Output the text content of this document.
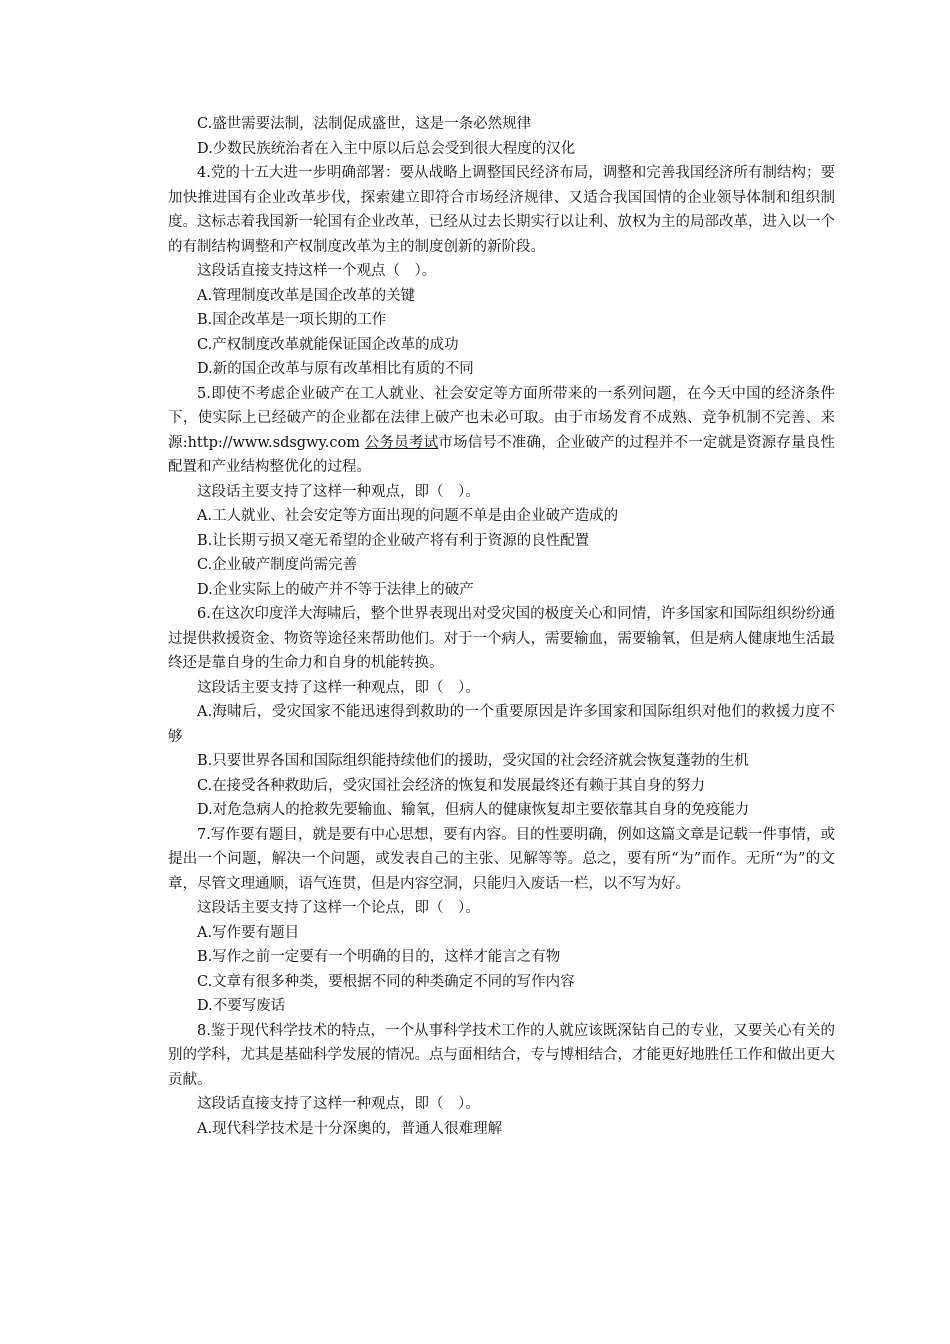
C.盛世需要法制，法制促成盛世，这是一条必然规律

D.少数民族统治者在入主中原以后总会受到很大程度的汉化

4.党的十五大进一步明确部署：要从战略上调整国民经济布局，调整和完善我国经济所有制结构；要加快推进国有企业改革步伐，探索建立即符合市场经济规律、又适合我国国情的企业领导体制和组织制度。这标志着我国新一轮国有企业改革，已经从过去长期实行以让利、放权为主的局部改革，进入以一个的有制结构调整和产权制度改革为主的制度创新的新阶段。

这段话直接支持这样一个观点（　）。

A.管理制度改革是国企改革的关键

B.国企改革是一项长期的工作

C.产权制度改革就能保证国企改革的成功

D.新的国企改革与原有改革相比有质的不同

5.即使不考虑企业破产在工人就业、社会安定等方面所带来的一系列问题，在今天中国的经济条件下，使实际上已经破产的企业都在法律上破产也未必可取。由于市场发育不成熟、竞争机制不完善、来源:http://www.sdsgwy.com 公务员考试市场信号不准确，企业破产的过程并不一定就是资源存量良性配置和产业结构整优化的过程。

这段话主要支持了这样一种观点，即（　）。

A.工人就业、社会安定等方面出现的问题不单是由企业破产造成的

B.让长期亏损又毫无希望的企业破产将有利于资源的良性配置

C.企业破产制度尚需完善

D.企业实际上的破产并不等于法律上的破产

6.在这次印度洋大海啸后，整个世界表现出对受灾国的极度关心和同情，许多国家和国际组织纷纷通过提供救援资金、物资等途径来帮助他们。对于一个病人，需要输血，需要输氧，但是病人健康地生活最终还是靠自身的生命力和自身的机能转换。

这段话主要支持了这样一种观点，即（　）。

A.海啸后，受灾国家不能迅速得到救助的一个重要原因是许多国家和国际组织对他们的救援力度不够

B.只要世界各国和国际组织能持续他们的援助，受灾国的社会经济就会恢复蓬勃的生机

C.在接受各种救助后，受灾国社会经济的恢复和发展最终还有赖于其自身的努力

D.对危急病人的抢救先要输血、输氧，但病人的健康恢复却主要依靠其自身的免疫能力

7.写作要有题目，就是要有中心思想，要有内容。目的性要明确，例如这篇文章是记载一件事情，或提出一个问题，解决一个问题，或发表自己的主张、见解等等。总之，要有所“为”而作。无所“为”的文章，尽管文理通顺，语气连贯，但是内容空洞，只能归入废话一栏，以不写为好。

这段话主要支持了这样一个论点，即（　）。

A.写作要有题目

B.写作之前一定要有一个明确的目的，这样才能言之有物

C.文章有很多种类，要根据不同的种类确定不同的写作内容

D.不要写废话

8.鉴于现代科学技术的特点，一个从事科学技术工作的人就应该既深钻自己的专业，又要关心有关的别的学科，尤其是基础科学发展的情况。点与面相结合，专与博相结合，才能更好地胜任工作和做出更大贡献。

这段话直接支持了这样一种观点，即（　）。

A.现代科学技术是十分深奥的，普通人很难理解
